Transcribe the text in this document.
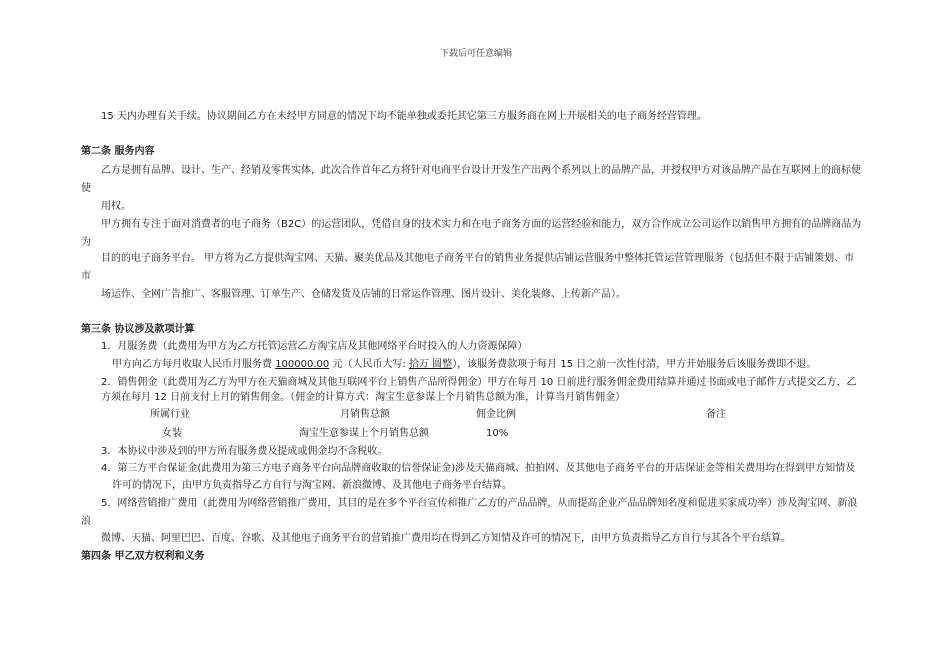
下载后可任意编辑
15 天内办理有关手续。协议期间乙方在未经甲方同意的情况下均不能单独或委托其它第三方服务商在网上开展相关的电子商务经营管理。
第二条 服务内容
乙方是拥有品牌、设计、生产、经销及零售实体，此次合作首年乙方将针对电商平台设计开发生产出两个系列以上的品牌产品，并授权甲方对该品牌产品在互联网上的商标使
使
用权。
甲方拥有专注于面对消费者的电子商务（B2C）的运营团队，凭借自身的技术实力和在电子商务方面的运营经验和能力，双方合作成立公司运作以销售甲方拥有的品牌商品为
为
目的的电子商务平台。 甲方将为乙方提供淘宝网、天猫、聚美优品及其他电子商务平台的销售业务提供店铺运营服务中整体托管运营管理服务（包括但不限于店铺策划、市
市
场运作、全网广告推广、客服管理、订单生产、仓储发货及店铺的日常运作管理、图片设计、美化装修、上传新产品）。
第三条 协议涉及款项计算
1．月服务费（此费用为甲方为乙方托管运营乙方淘宝店及其他网络平台时投入的人力资源保障）
甲方向乙方每月收取人民币月服务费 100000.00 元（人民币大写: 拾万 圆整），该服务费款项于每月 15 日之前一次性付清，甲方开始服务后该服务费即不退。
2．销售佣金（此费用为乙方为甲方在天猫商城及其他互联网平台上销售产品所得佣金）甲方在每月 10 日前进行服务佣金费用结算并通过书面或电子邮件方式提交乙方，乙
方须在每月 12 日前支付上月的销售佣金。（佣金的计算方式：淘宝生意参谋上个月销售总额为准，计算当月销售佣金）
所属行业	月销售总额	佣金比例	备注
女装	淘宝生意参谋上个月销售总额	10%
3．本协议中涉及到的甲方所有服务费及提成或佣金均不含税收。
4．第三方平台保证金(此费用为第三方电子商务平台向品牌商收取的信誉保证金)涉及天猫商城、拍拍网、及其他电子商务平台的开店保证金等相关费用均在得到甲方知情及
许可的情况下，由甲方负责指导乙方自行与淘宝网、新浪微博、及其他电子商务平台结算。
5．网络营销推广费用（此费用为网络营销推广费用，其目的是在多个平台宣传和推广乙方的产品品牌，从而提高企业产品品牌知名度和促进买家成功率）涉及淘宝网、新浪
浪
微博、天猫、阿里巴巴、百度、谷歌、及其他电子商务平台的营销推广费用均在得到乙方知情及许可的情况下，由甲方负责指导乙方自行与其各个平台结算。
第四条 甲乙双方权利和义务
